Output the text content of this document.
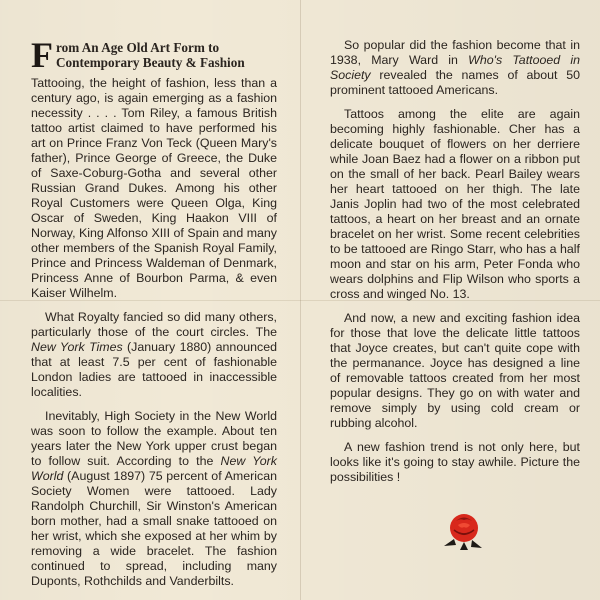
From An Age Old Art Form to Contemporary Beauty & Fashion

Tattooing, the height of fashion, less than a century ago, is again emerging as a fashion necessity . . . . Tom Riley, a famous British tattoo artist claimed to have performed his art on Prince Franz Von Teck (Queen Mary's father), Prince George of Greece, the Duke of Saxe-Coburg-Gotha and several other Russian Grand Dukes. Among his other Royal Customers were Queen Olga, King Oscar of Sweden, King Haakon VIII of Norway, King Alfonso XIII of Spain and many other members of the Spanish Royal Family, Prince and Princess Waldeman of Denmark, Princess Anne of Bourbon Parma, & even Kaiser Wilhelm.

What Royalty fancied so did many others, particularly those of the court circles. The New York Times (January 1880) announced that at least 7.5 per cent of fashionable London ladies are tattooed in inaccessible localities.

Inevitably, High Society in the New World was soon to follow the example. About ten years later the New York upper crust began to follow suit. According to the New York World (August 1897) 75 percent of American Society Women were tattooed. Lady Randolph Churchill, Sir Winston's American born mother, had a small snake tattooed on her wrist, which she exposed at her whim by removing a wide bracelet. The fashion continued to spread, including many Duponts, Rothchilds and Vanderbilts.

So popular did the fashion become that in 1938, Mary Ward in Who's Tattooed in Society revealed the names of about 50 prominent tattooed Americans.

Tattoos among the elite are again becoming highly fashionable. Cher has a delicate bouquet of flowers on her derriere while Joan Baez had a flower on a ribbon put on the small of her back. Pearl Bailey wears her heart tattooed on her thigh. The late Janis Joplin had two of the most celebrated tattoos, a heart on her breast and an ornate bracelet on her wrist. Some recent celebrities to be tattooed are Ringo Starr, who has a half moon and star on his arm, Peter Fonda who wears dolphins and Flip Wilson who sports a cross and winged No. 13.

And now, a new and exciting fashion idea for those that love the delicate little tattoos that Joyce creates, but can't quite cope with the permanance. Joyce has designed a line of removable tattoos created from her most popular designs. They go on with water and remove simply by using cold cream or rubbing alcohol.

A new fashion trend is not only here, but looks like it's going to stay awhile. Picture the possibilities !
